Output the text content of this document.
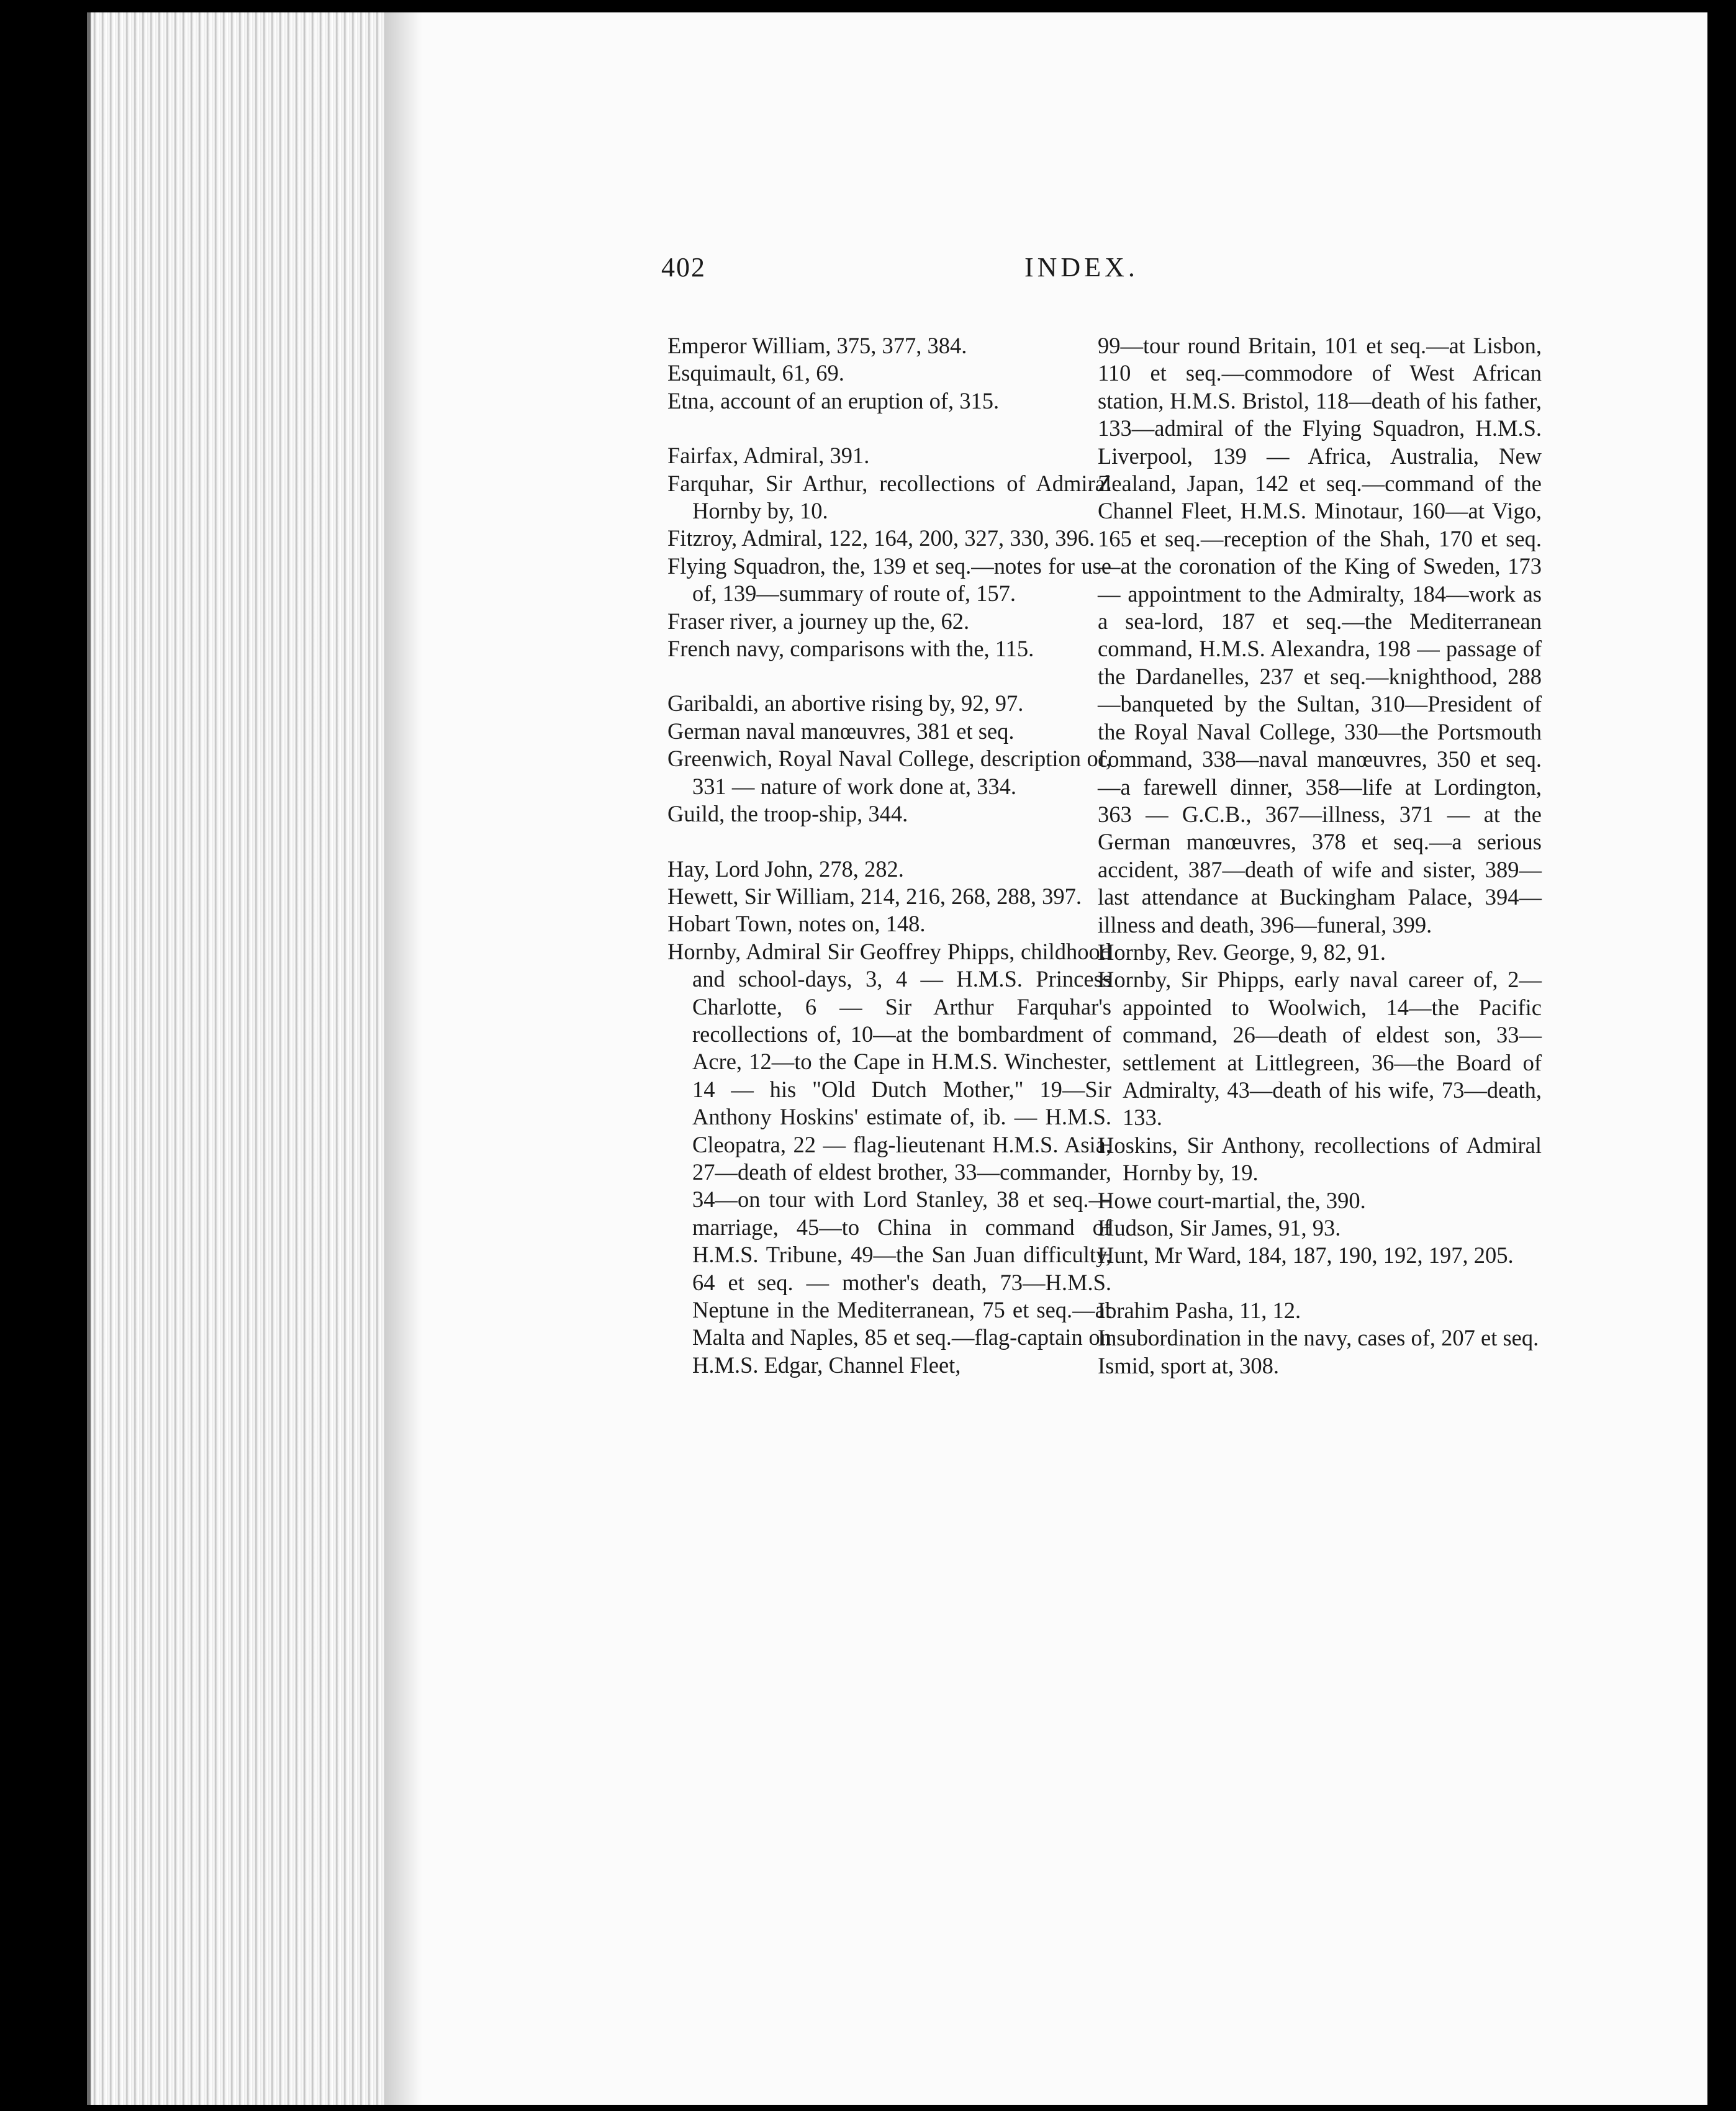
402	INDEX.

Emperor William, 375, 377, 384.

Esquimault, 61, 69.

Etna, account of an eruption of, 315.

Fairfax, Admiral, 391.

Farquhar, Sir Arthur, recollections of Admiral Hornby by, 10.

Fitzroy, Admiral, 122, 164, 200, 327, 330, 396.

Flying Squadron, the, 139 et seq.—notes for use of, 139—summary of route of, 157.

Fraser river, a journey up the, 62.

French navy, comparisons with the, 115.

Garibaldi, an abortive rising by, 92, 97.

German naval manœuvres, 381 et seq.

Greenwich, Royal Naval College, description of, 331 — nature of work done at, 334.

Guild, the troop-ship, 344.

Hay, Lord John, 278, 282.

Hewett, Sir William, 214, 216, 268, 288, 397.

Hobart Town, notes on, 148.

Hornby, Admiral Sir Geoffrey Phipps, childhood and school-days, 3, 4 — H.M.S. Princess Charlotte, 6 — Sir Arthur Farquhar's recollections of, 10—at the bombardment of Acre, 12—to the Cape in H.M.S. Winchester, 14 — his "Old Dutch Mother," 19—Sir Anthony Hoskins' estimate of, ib. — H.M.S. Cleopatra, 22 — flag-lieutenant H.M.S. Asia, 27—death of eldest brother, 33—commander, 34—on tour with Lord Stanley, 38 et seq.—marriage, 45—to China in command of H.M.S. Tribune, 49—the San Juan difficulty, 64 et seq. — mother's death, 73—H.M.S. Neptune in the Mediterranean, 75 et seq.—at Malta and Naples, 85 et seq.—flag-captain on H.M.S. Edgar, Channel Fleet,

99—tour round Britain, 101 et seq.—at Lisbon, 110 et seq.—commodore of West African station, H.M.S. Bristol, 118—death of his father, 133—admiral of the Flying Squadron, H.M.S. Liverpool, 139 — Africa, Australia, New Zealand, Japan, 142 et seq.—command of the Channel Fleet, H.M.S. Minotaur, 160—at Vigo, 165 et seq.—reception of the Shah, 170 et seq.—at the coronation of the King of Sweden, 173 — appointment to the Admiralty, 184—work as a sea-lord, 187 et seq.—the Mediterranean command, H.M.S. Alexandra, 198 — passage of the Dardanelles, 237 et seq.—knighthood, 288—banqueted by the Sultan, 310—President of the Royal Naval College, 330—the Portsmouth command, 338—naval manœuvres, 350 et seq.—a farewell dinner, 358—life at Lordington, 363 — G.C.B., 367—illness, 371 — at the German manœuvres, 378 et seq.—a serious accident, 387—death of wife and sister, 389—last attendance at Buckingham Palace, 394—illness and death, 396—funeral, 399.

Hornby, Rev. George, 9, 82, 91.

Hornby, Sir Phipps, early naval career of, 2—appointed to Woolwich, 14—the Pacific command, 26—death of eldest son, 33—settlement at Littlegreen, 36—the Board of Admiralty, 43—death of his wife, 73—death, 133.

Hoskins, Sir Anthony, recollections of Admiral Hornby by, 19.

Howe court-martial, the, 390.

Hudson, Sir James, 91, 93.

Hunt, Mr Ward, 184, 187, 190, 192, 197, 205.

Ibrahim Pasha, 11, 12.

Insubordination in the navy, cases of, 207 et seq.

Ismid, sport at, 308.
